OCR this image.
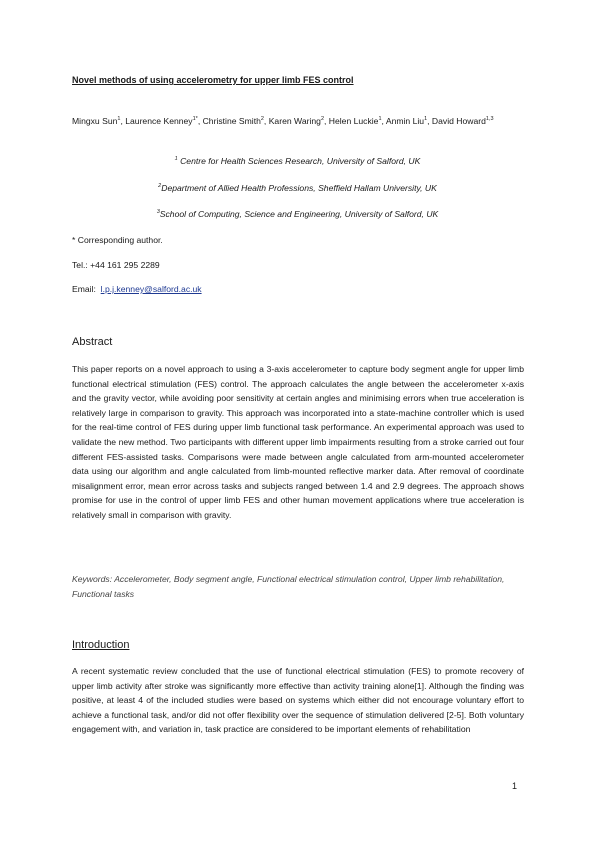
Novel methods of using accelerometry for upper limb FES control
Mingxu Sun$^1$, Laurence Kenney$^{1*}$, Christine Smith$^2$, Karen Waring$^2$, Helen Luckie$^1$, Anmin Liu$^1$, David Howard$^{1,3}$
$^1$ Centre for Health Sciences Research, University of Salford, UK
$^2$Department of Allied Health Professions, Sheffield Hallam University, UK
$^3$School of Computing, Science and Engineering, University of Salford, UK
* Corresponding author.
Tel.: +44 161 295 2289
Email: l.p.j.kenney@salford.ac.uk
Abstract
This paper reports on a novel approach to using a 3-axis accelerometer to capture body segment angle for upper limb functional electrical stimulation (FES) control. The approach calculates the angle between the accelerometer x-axis and the gravity vector, while avoiding poor sensitivity at certain angles and minimising errors when true acceleration is relatively large in comparison to gravity. This approach was incorporated into a state-machine controller which is used for the real-time control of FES during upper limb functional task performance. An experimental approach was used to validate the new method. Two participants with different upper limb impairments resulting from a stroke carried out four different FES-assisted tasks. Comparisons were made between angle calculated from arm-mounted accelerometer data using our algorithm and angle calculated from limb-mounted reflective marker data. After removal of coordinate misalignment error, mean error across tasks and subjects ranged between 1.4 and 2.9 degrees. The approach shows promise for use in the control of upper limb FES and other human movement applications where true acceleration is relatively small in comparison with gravity.
Keywords: Accelerometer, Body segment angle, Functional electrical stimulation control, Upper limb rehabilitation, Functional tasks
Introduction
A recent systematic review concluded that the use of functional electrical stimulation (FES) to promote recovery of upper limb activity after stroke was significantly more effective than activity training alone[1]. Although the finding was positive, at least 4 of the included studies were based on systems which either did not encourage voluntary effort to achieve a functional task, and/or did not offer flexibility over the sequence of stimulation delivered [2-5]. Both voluntary engagement with, and variation in, task practice are considered to be important elements of rehabilitation
1
